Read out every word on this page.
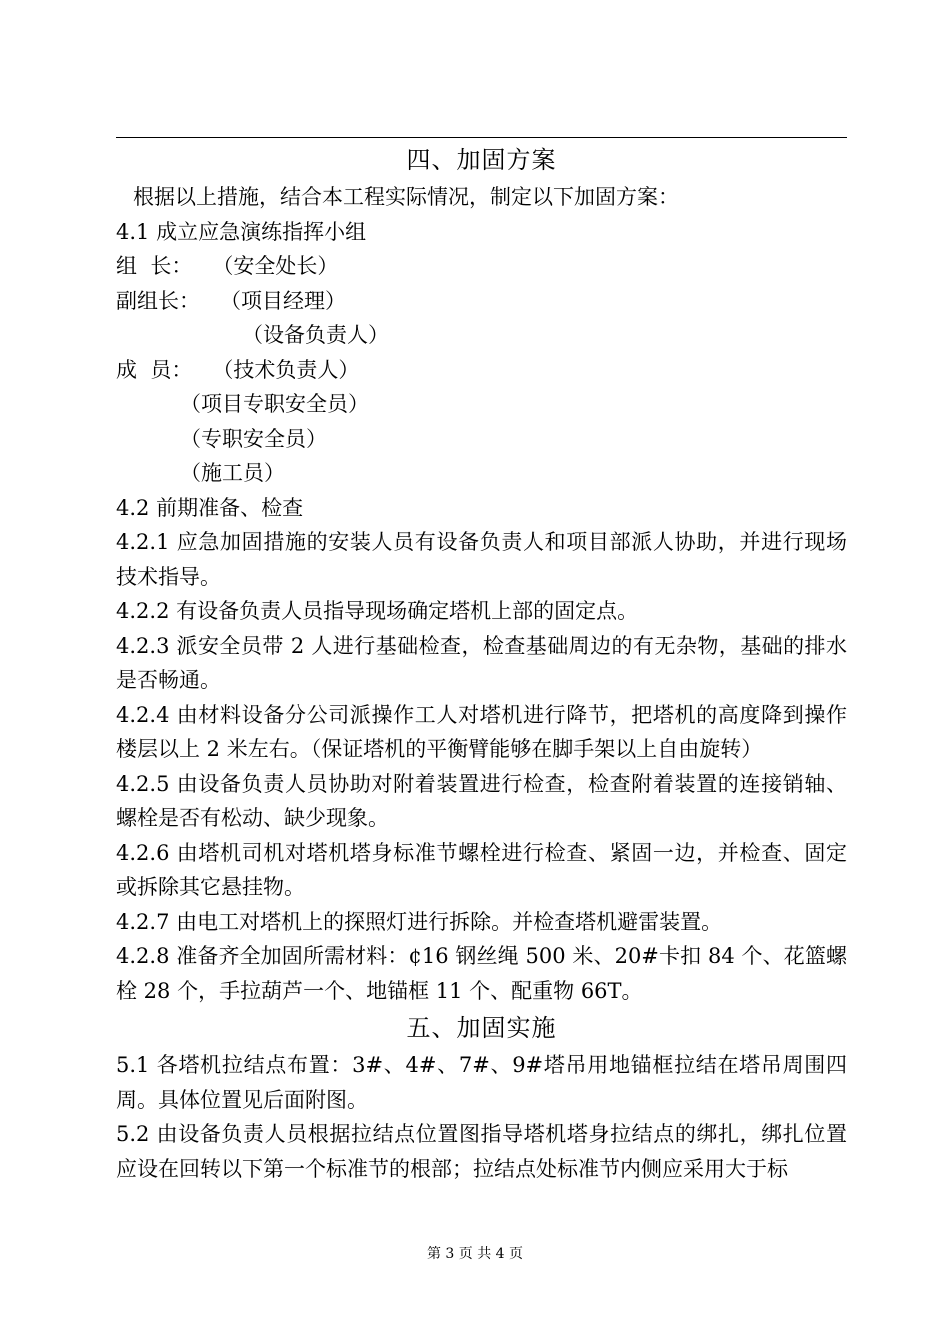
四、加固方案
根据以上措施，结合本工程实际情况，制定以下加固方案：
4.1 成立应急演练指挥小组
组  长：   （安全处长）
副组长：   （项目经理）
（设备负责人）
成  员：   （技术负责人）
（项目专职安全员）
（专职安全员）
（施工员）
4.2 前期准备、检查
4.2.1 应急加固措施的安装人员有设备负责人和项目部派人协助，并进行现场技术指导。
4.2.2 有设备负责人员指导现场确定塔机上部的固定点。
4.2.3 派安全员带 2 人进行基础检查，检查基础周边的有无杂物，基础的排水是否畅通。
4.2.4 由材料设备分公司派操作工人对塔机进行降节，把塔机的高度降到操作楼层以上 2 米左右。（保证塔机的平衡臂能够在脚手架以上自由旋转）
4.2.5 由设备负责人员协助对附着装置进行检查，检查附着装置的连接销轴、螺栓是否有松动、缺少现象。
4.2.6 由塔机司机对塔机塔身标准节螺栓进行检查、紧固一边，并检查、固定或拆除其它悬挂物。
4.2.7 由电工对塔机上的探照灯进行拆除。并检查塔机避雷装置。
4.2.8 准备齐全加固所需材料：¢16 钢丝绳 500 米、20#卡扣 84 个、花篮螺栓 28 个，手拉葫芦一个、地锚框 11 个、配重物 66T。
五、加固实施
5.1 各塔机拉结点布置：3#、4#、7#、9#塔吊用地锚框拉结在塔吊周围四周。具体位置见后面附图。
5.2 由设备负责人员根据拉结点位置图指导塔机塔身拉结点的绑扎，绑扎位置应设在回转以下第一个标准节的根部；拉结点处标准节内侧应采用大于标
第 3 页 共 4 页
